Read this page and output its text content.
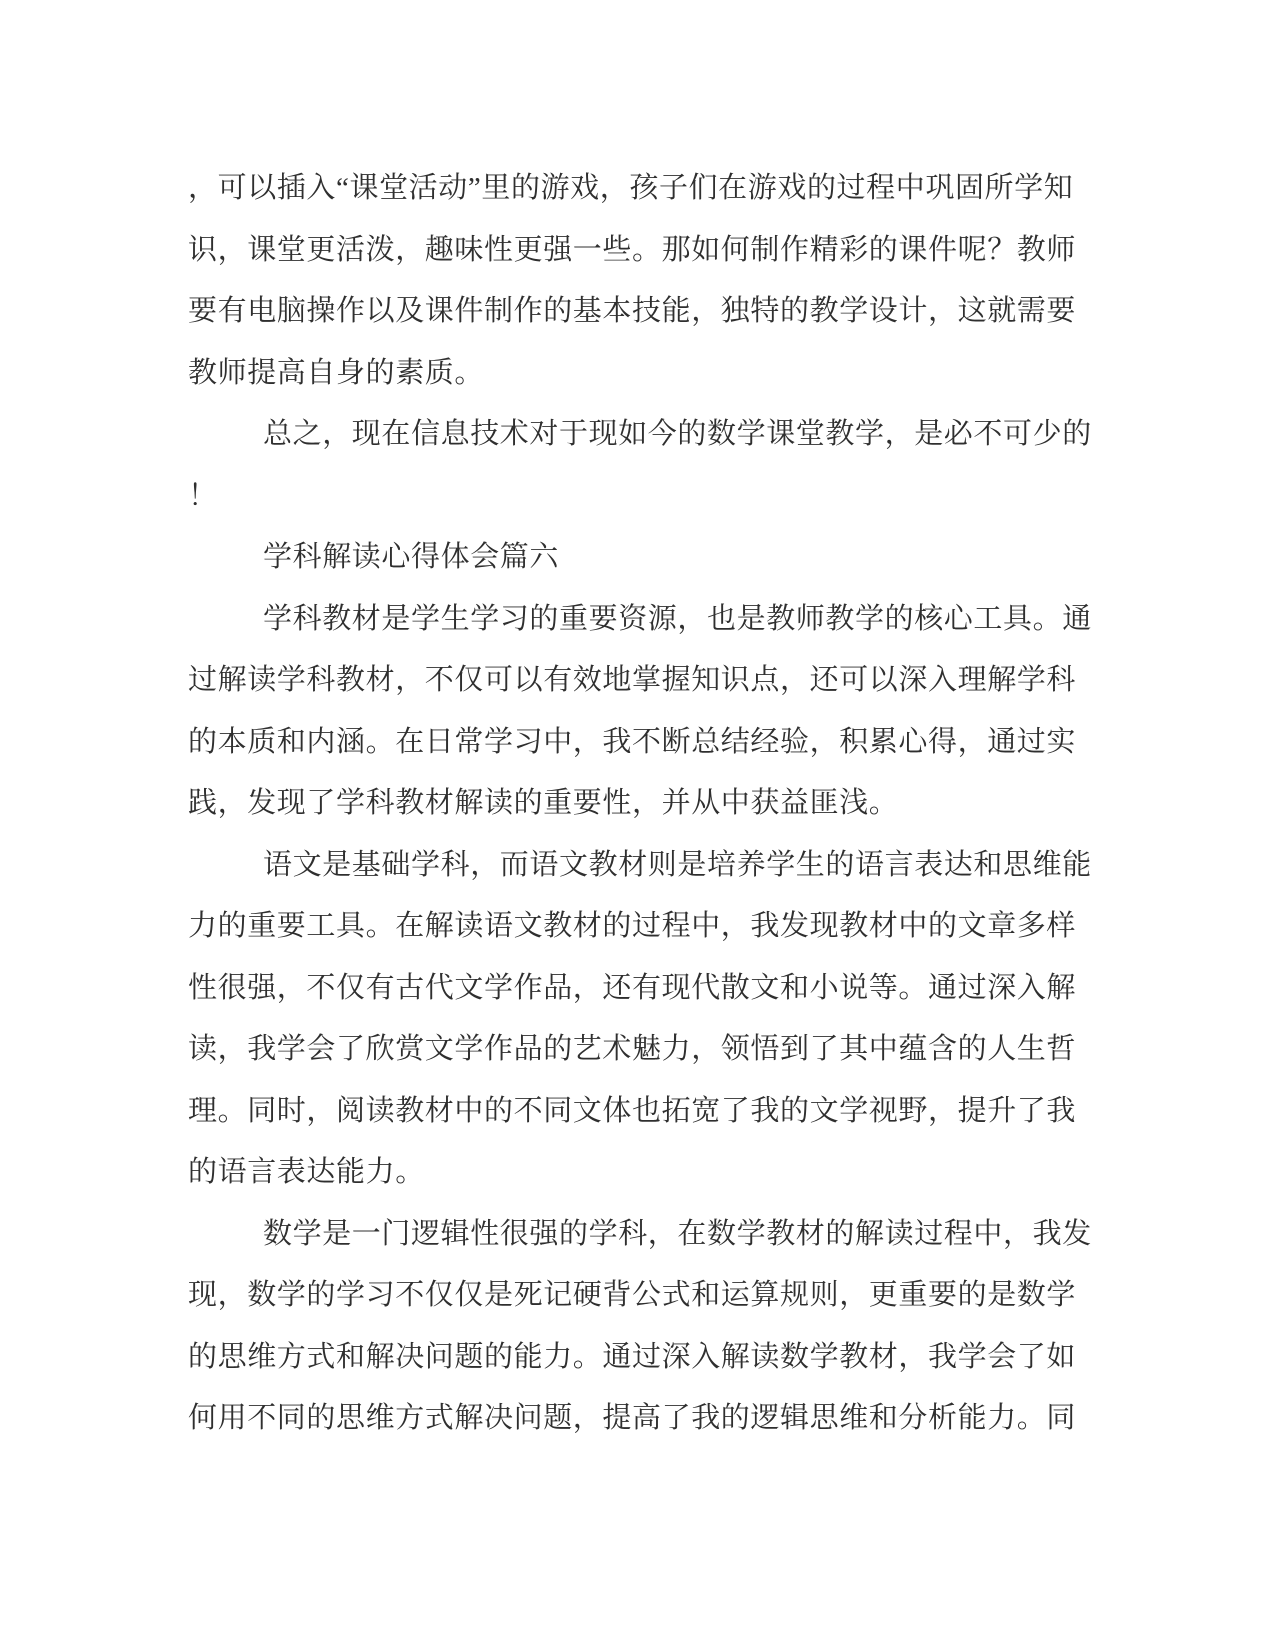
，可以插入“课堂活动”里的游戏，孩子们在游戏的过程中巩固所学知
识，课堂更活泼，趣味性更强一些。那如何制作精彩的课件呢？教师
要有电脑操作以及课件制作的基本技能，独特的教学设计，这就需要
教师提高自身的素质。
总之，现在信息技术对于现如今的数学课堂教学，是必不可少的
！
学科解读心得体会篇六
学科教材是学生学习的重要资源，也是教师教学的核心工具。通
过解读学科教材，不仅可以有效地掌握知识点，还可以深入理解学科
的本质和内涵。在日常学习中，我不断总结经验，积累心得，通过实
践，发现了学科教材解读的重要性，并从中获益匪浅。
语文是基础学科，而语文教材则是培养学生的语言表达和思维能
力的重要工具。在解读语文教材的过程中，我发现教材中的文章多样
性很强，不仅有古代文学作品，还有现代散文和小说等。通过深入解
读，我学会了欣赏文学作品的艺术魅力，领悟到了其中蕴含的人生哲
理。同时，阅读教材中的不同文体也拓宽了我的文学视野，提升了我
的语言表达能力。
数学是一门逻辑性很强的学科，在数学教材的解读过程中，我发
现，数学的学习不仅仅是死记硬背公式和运算规则，更重要的是数学
的思维方式和解决问题的能力。通过深入解读数学教材，我学会了如
何用不同的思维方式解决问题，提高了我的逻辑思维和分析能力。同
